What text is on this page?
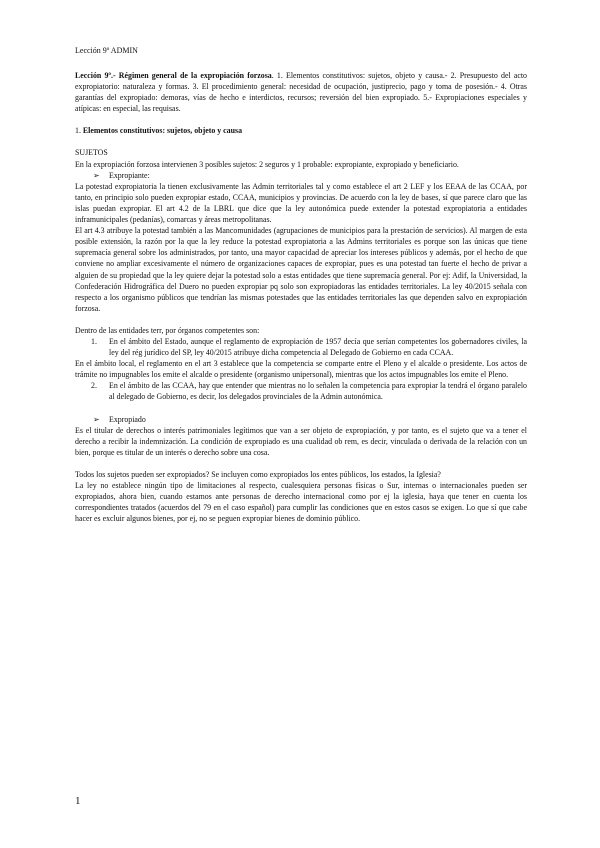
Lección 9º ADMIN

Lección 9º.- Régimen general de la expropiación forzosa. 1. Elementos constitutivos: sujetos, objeto y causa.- 2. Presupuesto del acto expropiatorio: naturaleza y formas. 3. El procedimiento general: necesidad de ocupación, justiprecio, pago y toma de posesión.- 4. Otras garantías del expropiado: demoras, vías de hecho e interdictos, recursos; reversión del bien expropiado. 5.- Expropiaciones especiales y atípicas: en especial, las requisas.

1. Elementos constitutivos: sujetos, objeto y causa

SUJETOS

En la expropiación forzosa intervienen 3 posibles sujetos: 2 seguros y 1 probable: expropiante, expropiado y beneficiario.

➢ Expropiante:

La potestad expropiatoria la tienen exclusivamente las Admin territoriales tal y como establece el art 2 LEF y los EEAA de las CCAA, por tanto, en principio solo pueden expropiar estado, CCAA, municipios y provincias. De acuerdo con la ley de bases, sí que parece claro que las islas puedan expropiar. El art 4.2 de la LBRL que dice que la ley autonómica puede extender la potestad expropiatoria a entidades inframunicipales (pedanías), comarcas y áreas metropolitanas.

El art 4.3 atribuye la potestad también a las Mancomunidades (agrupaciones de municipios para la prestación de servicios). Al margen de esta posible extensión, la razón por la que la ley reduce la potestad expropiatoria a las Admins territoriales es porque son las únicas que tiene supremacía general sobre los administrados, por tanto, una mayor capacidad de apreciar los intereses públicos y además, por el hecho de que conviene no ampliar excesivamente el número de organizaciones capaces de expropiar, pues es una potestad tan fuerte el hecho de privar a alguien de su propiedad que la ley quiere dejar la potestad solo a estas entidades que tiene supremacía general. Por ej: Adif, la Universidad, la Confederación Hidrográfica del Duero no pueden expropiar pq solo son expropiadoras las entidades territoriales. La ley 40/2015 señala con respecto a los organismo públicos que tendrían las mismas potestades que las entidades territoriales las que dependen salvo en expropiación forzosa.

Dentro de las entidades terr, por órganos competentes son:

1. En el ámbito del Estado, aunque el reglamento de expropiación de 1957 decía que serían competentes los gobernadores civiles, la ley del rég jurídico del SP, ley 40/2015 atribuye dicha competencia al Delegado de Gobierno en cada CCAA.

En el ámbito local, el reglamento en el art 3 establece que la competencia se comparte entre el Pleno y el alcalde o presidente. Los actos de trámite no impugnables los emite el alcalde o presidente (organismo unipersonal), mientras que los actos impugnables los emite el Pleno.

2. En el ámbito de las CCAA, hay que entender que mientras no lo señalen la competencia para expropiar la tendrá el órgano paralelo al delegado de Gobierno, es decir, los delegados provinciales de la Admin autonómica.

➢ Expropiado

Es el titular de derechos o interés patrimoniales legítimos que van a ser objeto de expropiación, y por tanto, es el sujeto que va a tener el derecho a recibir la indemnización. La condición de expropiado es una cualidad ob rem, es decir, vinculada o derivada de la relación con un bien, porque es titular de un interés o derecho sobre una cosa.

Todos los sujetos pueden ser expropiados? Se incluyen como expropiados los entes públicos, los estados, la Iglesia?

La ley no establece ningún tipo de limitaciones al respecto, cualesquiera personas físicas o Sur, internas o internacionales pueden ser expropiados, ahora bien, cuando estamos ante personas de derecho internacional como por ej la iglesia, haya que tener en cuenta los correspondientes tratados (acuerdos del 79 en el caso español) para cumplir las condiciones que en estos casos se exigen. Lo que sí que cabe hacer es excluir algunos bienes, por ej, no se peguen expropiar bienes de dominio público.

1
